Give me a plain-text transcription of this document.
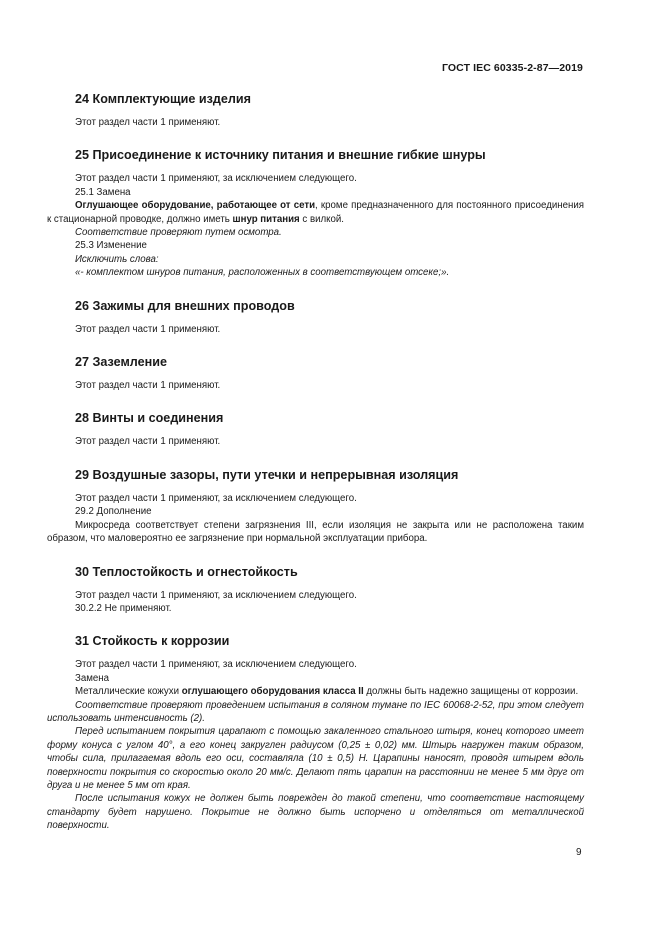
ГОСТ IEC 60335-2-87—2019
24 Комплектующие изделия

Этот раздел части 1 применяют.

25 Присоединение к источнику питания и внешние гибкие шнуры

Этот раздел части 1 применяют, за исключением следующего.

25.1 Замена

Оглушающее оборудование, работающее от сети, кроме предназначенного для постоянного присоединения к стационарной проводке, должно иметь шнур питания с вилкой.

Соответствие проверяют путем осмотра.

25.3 Изменение

Исключить слова:

«- комплектом шнуров питания, расположенных в соответствующем отсеке;».

26 Зажимы для внешних проводов

Этот раздел части 1 применяют.

27 Заземление

Этот раздел части 1 применяют.

28 Винты и соединения

Этот раздел части 1 применяют.

29 Воздушные зазоры, пути утечки и непрерывная изоляция

Этот раздел части 1 применяют, за исключением следующего.

29.2 Дополнение

Микросреда соответствует степени загрязнения III, если изоляция не закрыта или не расположена таким образом, что маловероятно ее загрязнение при нормальной эксплуатации прибора.

30 Теплостойкость и огнестойкость

Этот раздел части 1 применяют, за исключением следующего.

30.2.2 Не применяют.

31 Стойкость к коррозии

Этот раздел части 1 применяют, за исключением следующего.

Замена

Металлические кожухи оглушающего оборудования класса II должны быть надежно защищены от коррозии.

Соответствие проверяют проведением испытания в соляном тумане по IEC 60068-2-52, при этом следует использовать интенсивность (2).

Перед испытанием покрытия царапают с помощью закаленного стального штыря, конец которого имеет форму конуса с углом 40°, а его конец закруглен радиусом (0,25 ± 0,02) мм. Штырь нагружен таким образом, чтобы сила, прилагаемая вдоль его оси, составляла (10 ± 0,5) Н. Царапины наносят, проводя штырем вдоль поверхности покрытия со скоростью около 20 мм/с. Делают пять царапин на расстоянии не менее 5 мм друг от друга и не менее 5 мм от края.

После испытания кожух не должен быть поврежден до такой степени, что соответствие настоящему стандарту будет нарушено. Покрытие не должно быть испорчено и отделяться от металлической поверхности.

9
